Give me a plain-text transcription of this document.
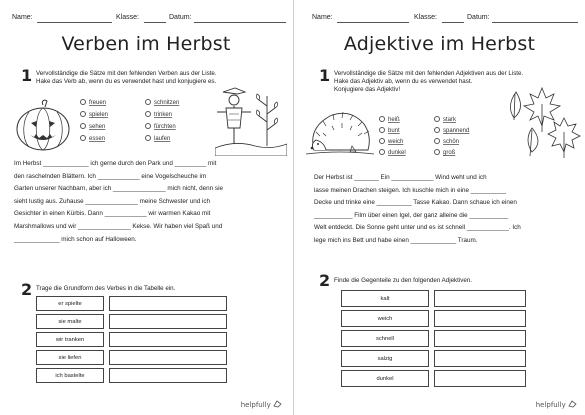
Name:	Klasse:	Datum:
Verben im Herbst
1 Vervollständige die Sätze mit den fehlenden Verben aus der Liste.
Hake das Verb ab, wenn du es verwendet hast und konjugiere es.
freuen
spielen
sehen
essen
schnitzen
trinken
fürchten
laufen
Im Herbst _____________ ich gerne durch den Park und _________ mit
den raschelnden Blättern. Ich ____________ eine Vogelscheuche im
Garten unserer Nachbarn, aber ich _______________ mich nicht, denn sie
sieht lustig aus. Zuhause _______________ meine Schwester und ich
Gesichter in einen Kürbis. Dann ____________ wir warmen Kakao mit
Marshmallows und wir _______________ Kekse. Wir haben viel Spaß und
_____________ mich schon auf Halloween.
2 Trage die Grundform des Verbes in die Tabelle ein.
er spielte	
sie malte	
wir tranken	
sie liefen	
ich bastelte	
helpfully
Name:	Klasse:	Datum:
Adjektive im Herbst
1 Vervollständige die Sätze mit den fehlenden Adjektiven aus der Liste.
Hake das Adjektiv ab, wenn du es verwendet hast.
Konjugiere das Adjektiv!
heiß
bunt
weich
dunkel
stark
spannend
schön
groß
Der Herbst ist _______ Ein ____________ Wind weht und ich
lasse meinen Drachen steigen. Ich kuschle mich in eine __________
Decke und trinke eine __________ Tasse Kakao. Dann schaue ich einen
___________ Film über einen Igel, der ganz alleine die ___________
Welt entdeckt. Die Sonne geht unter und es ist schnell ____________. Ich
lege mich ins Bett und habe einen _____________ Traum.
2 Finde die Gegenteile zu den folgenden Adjektiven.
kalt	
weich	
schnell	
salzig	
dunkel	
helpfully
